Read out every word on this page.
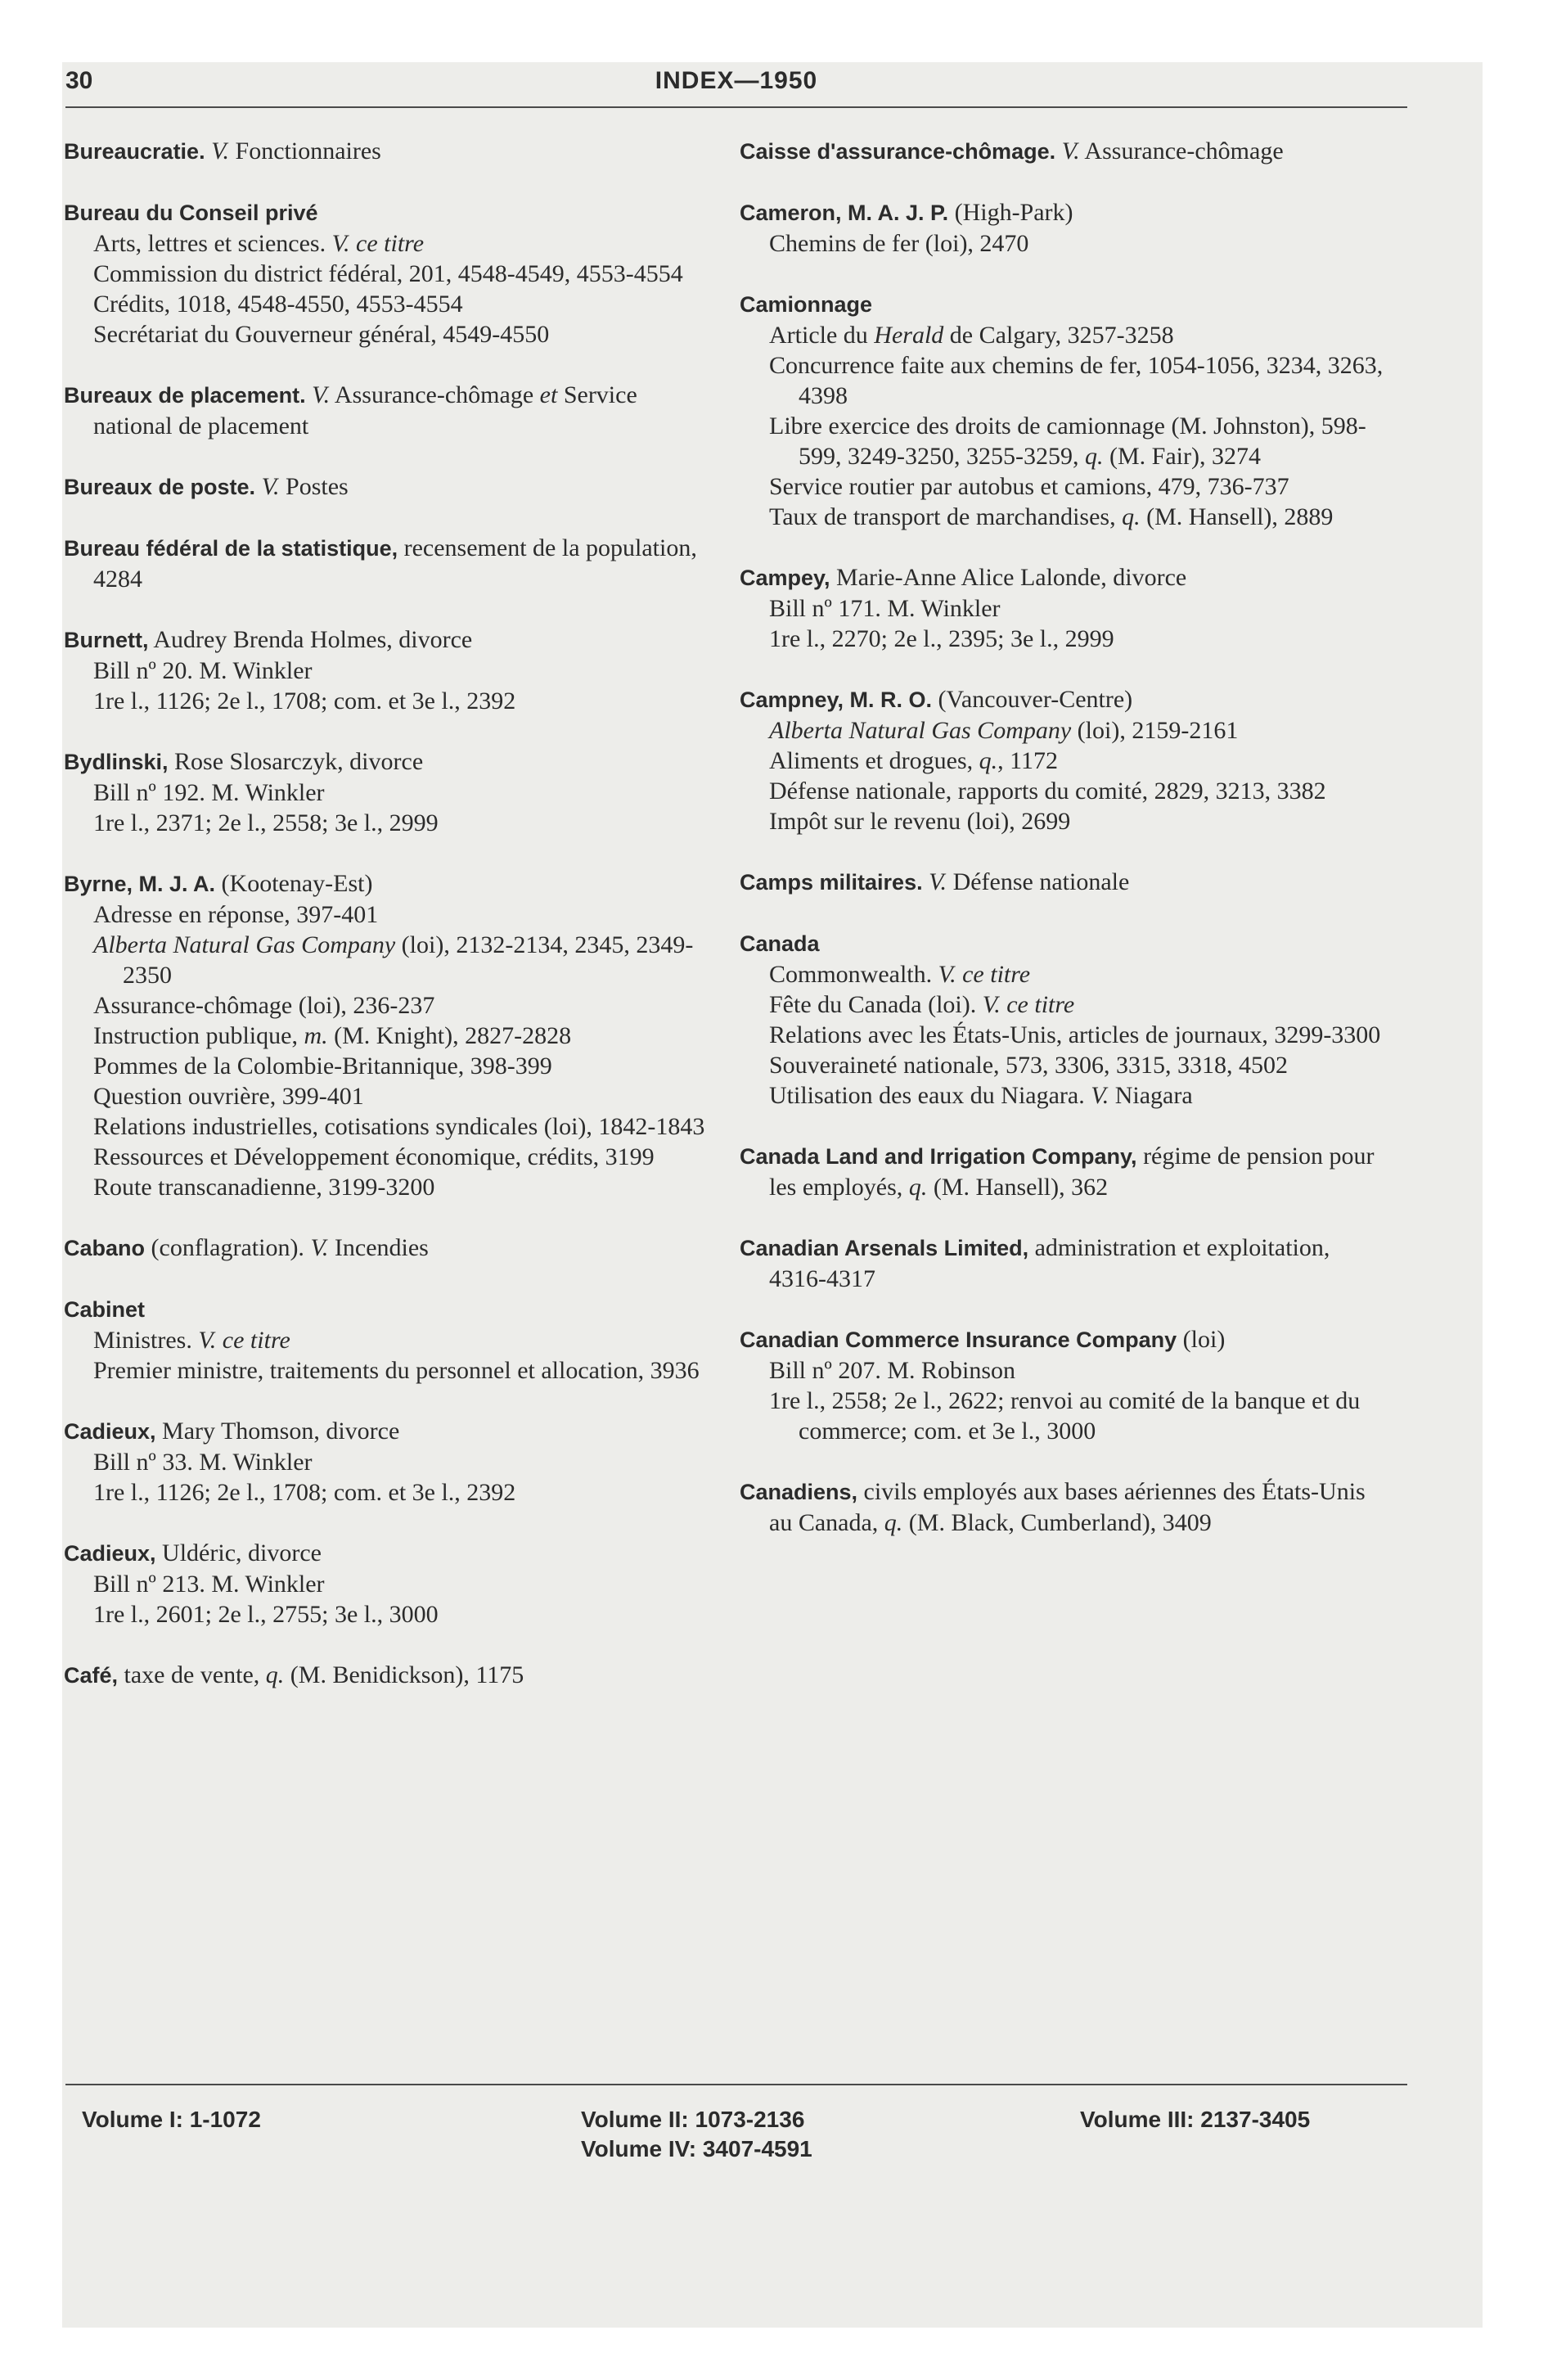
30	INDEX—1950
Bureaucratie. V. Fonctionnaires
Bureau du Conseil privé
Arts, lettres et sciences. V. ce titre
Commission du district fédéral, 201, 4548-4549, 4553-4554
Crédits, 1018, 4548-4550, 4553-4554
Secrétariat du Gouverneur général, 4549-4550
Bureaux de placement. V. Assurance-chômage et Service national de placement
Bureaux de poste. V. Postes
Bureau fédéral de la statistique, recensement de la population, 4284
Burnett, Audrey Brenda Holmes, divorce
Bill nº 20. M. Winkler
1re l., 1126; 2e l., 1708; com. et 3e l., 2392
Bydlinski, Rose Slosarczyk, divorce
Bill nº 192. M. Winkler
1re l., 2371; 2e l., 2558; 3e l., 2999
Byrne, M. J. A. (Kootenay-Est)
Adresse en réponse, 397-401
Alberta Natural Gas Company (loi), 2132-2134, 2345, 2349-2350
Assurance-chômage (loi), 236-237
Instruction publique, m. (M. Knight), 2827-2828
Pommes de la Colombie-Britannique, 398-399
Question ouvrière, 399-401
Relations industrielles, cotisations syndicales (loi), 1842-1843
Ressources et Développement économique, crédits, 3199
Route transcanadienne, 3199-3200
Cabano (conflagration). V. Incendies
Cabinet
Ministres. V. ce titre
Premier ministre, traitements du personnel et allocation, 3936
Cadieux, Mary Thomson, divorce
Bill nº 33. M. Winkler
1re l., 1126; 2e l., 1708; com. et 3e l., 2392
Cadieux, Uldéric, divorce
Bill nº 213. M. Winkler
1re l., 2601; 2e l., 2755; 3e l., 3000
Café, taxe de vente, q. (M. Benidickson), 1175
Caisse d'assurance-chômage. V. Assurance-chômage
Cameron, M. A. J. P. (High-Park)
Chemins de fer (loi), 2470
Camionnage
Article du Herald de Calgary, 3257-3258
Concurrence faite aux chemins de fer, 1054-1056, 3234, 3263, 4398
Libre exercice des droits de camionnage (M. Johnston), 598-599, 3249-3250, 3255-3259, q. (M. Fair), 3274
Service routier par autobus et camions, 479, 736-737
Taux de transport de marchandises, q. (M. Hansell), 2889
Campey, Marie-Anne Alice Lalonde, divorce
Bill nº 171. M. Winkler
1re l., 2270; 2e l., 2395; 3e l., 2999
Campney, M. R. O. (Vancouver-Centre)
Alberta Natural Gas Company (loi), 2159-2161
Aliments et drogues, q., 1172
Défense nationale, rapports du comité, 2829, 3213, 3382
Impôt sur le revenu (loi), 2699
Camps militaires. V. Défense nationale
Canada
Commonwealth. V. ce titre
Fête du Canada (loi). V. ce titre
Relations avec les États-Unis, articles de journaux, 3299-3300
Souveraineté nationale, 573, 3306, 3315, 3318, 4502
Utilisation des eaux du Niagara. V. Niagara
Canada Land and Irrigation Company, régime de pension pour les employés, q. (M. Hansell), 362
Canadian Arsenals Limited, administration et exploitation, 4316-4317
Canadian Commerce Insurance Company (loi)
Bill nº 207. M. Robinson
1re l., 2558; 2e l., 2622; renvoi au comité de la banque et du commerce; com. et 3e l., 3000
Canadiens, civils employés aux bases aériennes des États-Unis au Canada, q. (M. Black, Cumberland), 3409
Volume I: 1-1072	Volume II: 1073-2136
Volume IV: 3407-4591
Volume III: 2137-3405
